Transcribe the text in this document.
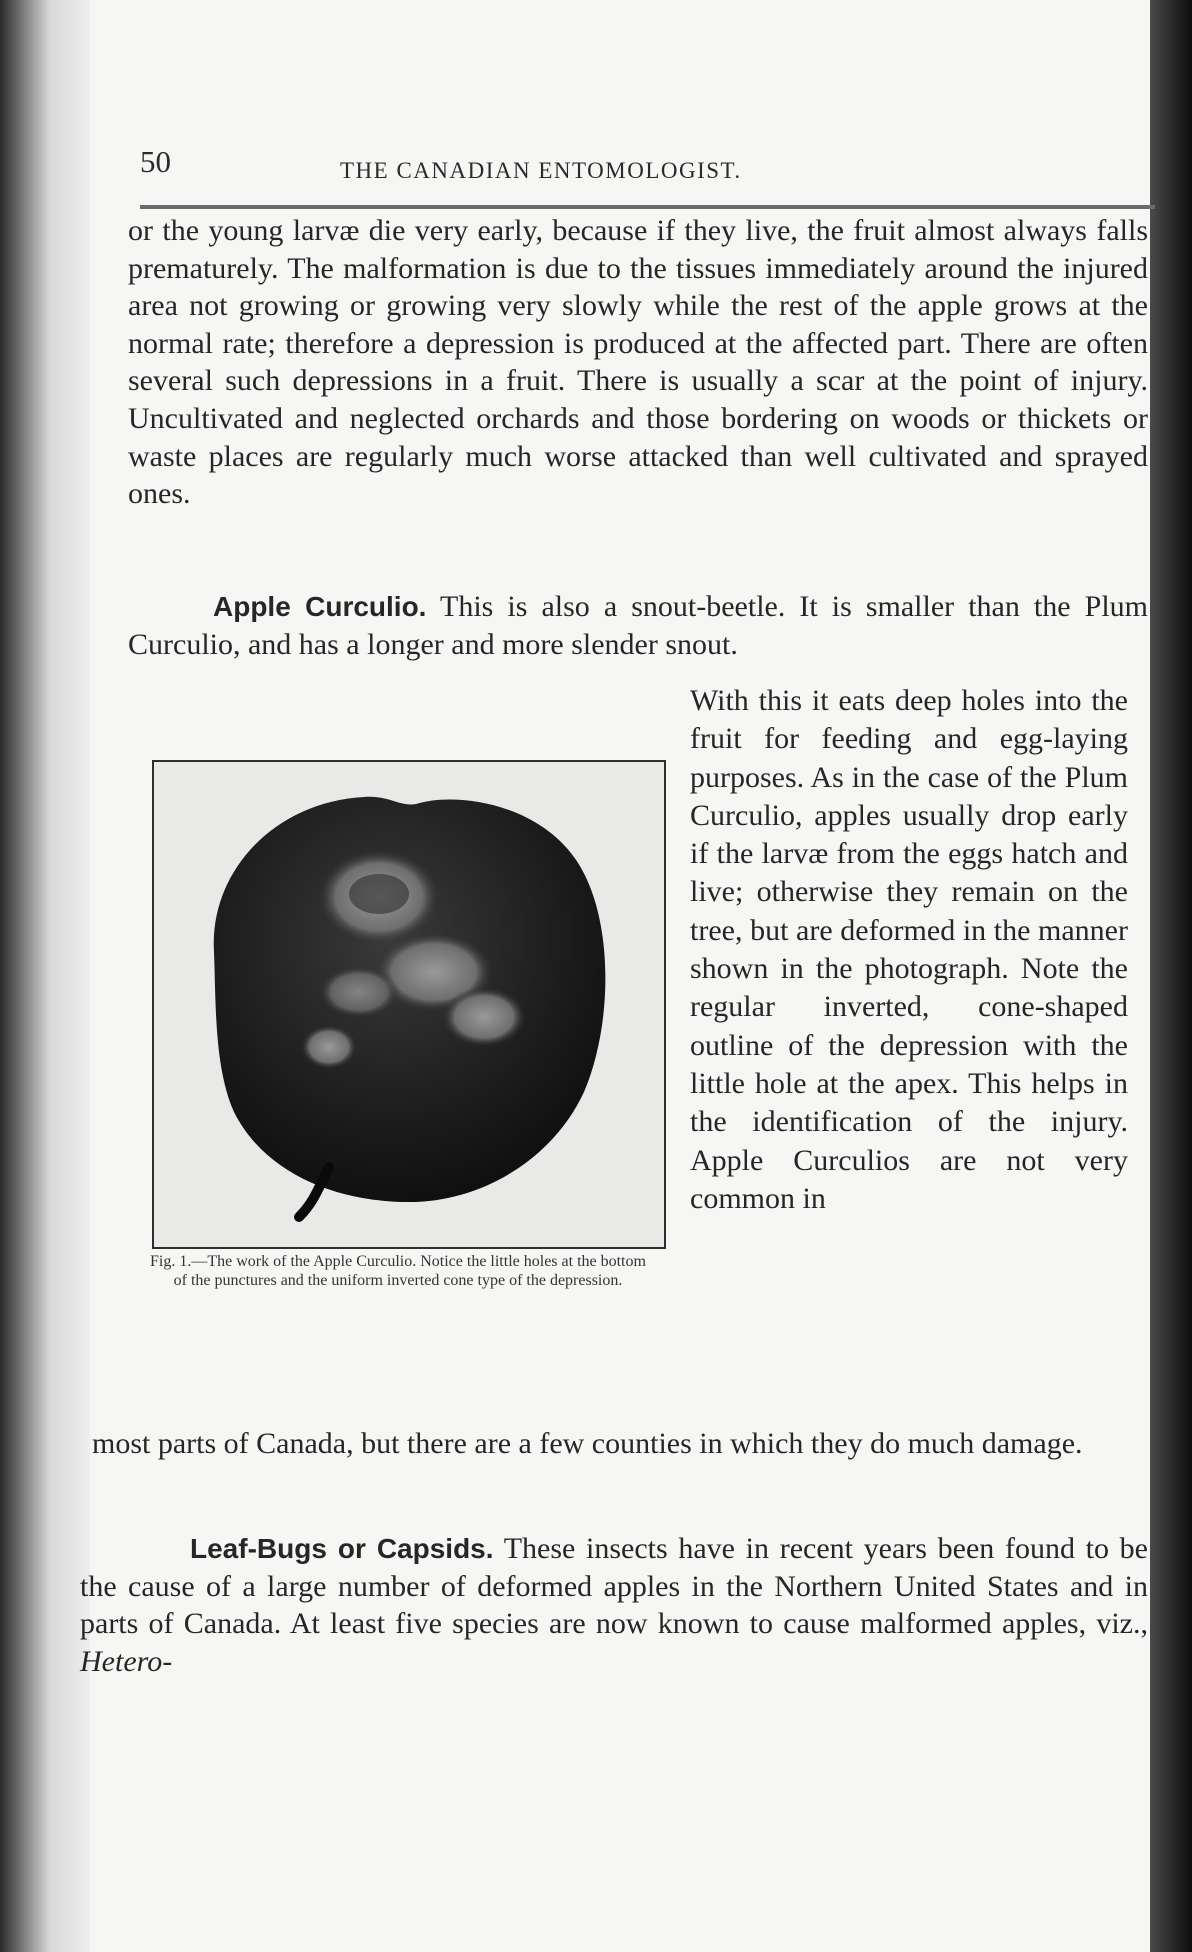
50	THE CANADIAN ENTOMOLOGIST.

or the young larvæ die very early, because if they live, the fruit almost always falls prematurely. The malformation is due to the tissues immediately around the injured area not growing or growing very slowly while the rest of the apple grows at the normal rate; therefore a depression is produced at the affected part. There are often several such depressions in a fruit. There is usually a scar at the point of injury. Uncultivated and neglected orchards and those bordering on woods or thickets or waste places are regularly much worse attacked than well cultivated and sprayed ones.

Apple Curculio. This is also a snout-beetle. It is smaller than the Plum Curculio, and has a longer and more slender snout.

Fig. 1.—The work of the Apple Curculio. Notice the little holes at the bottom of the punctures and the uniform inverted cone type of the depression.

With this it eats deep holes into the fruit for feeding and egg-laying purposes. As in the case of the Plum Curculio, apples usually drop early if the larvæ from the eggs hatch and live; otherwise they remain on the tree, but are deformed in the manner shown in the photograph. Note the regular inverted, cone-shaped outline of the depression with the little hole at the apex. This helps in the identification of the injury. Apple Curculios are not very common in

most parts of Canada, but there are a few counties in which they do much damage.

Leaf-Bugs or Capsids. These insects have in recent years been found to be the cause of a large number of deformed apples in the Northern United States and in parts of Canada. At least five species are now known to cause malformed apples, viz., Hetero-
